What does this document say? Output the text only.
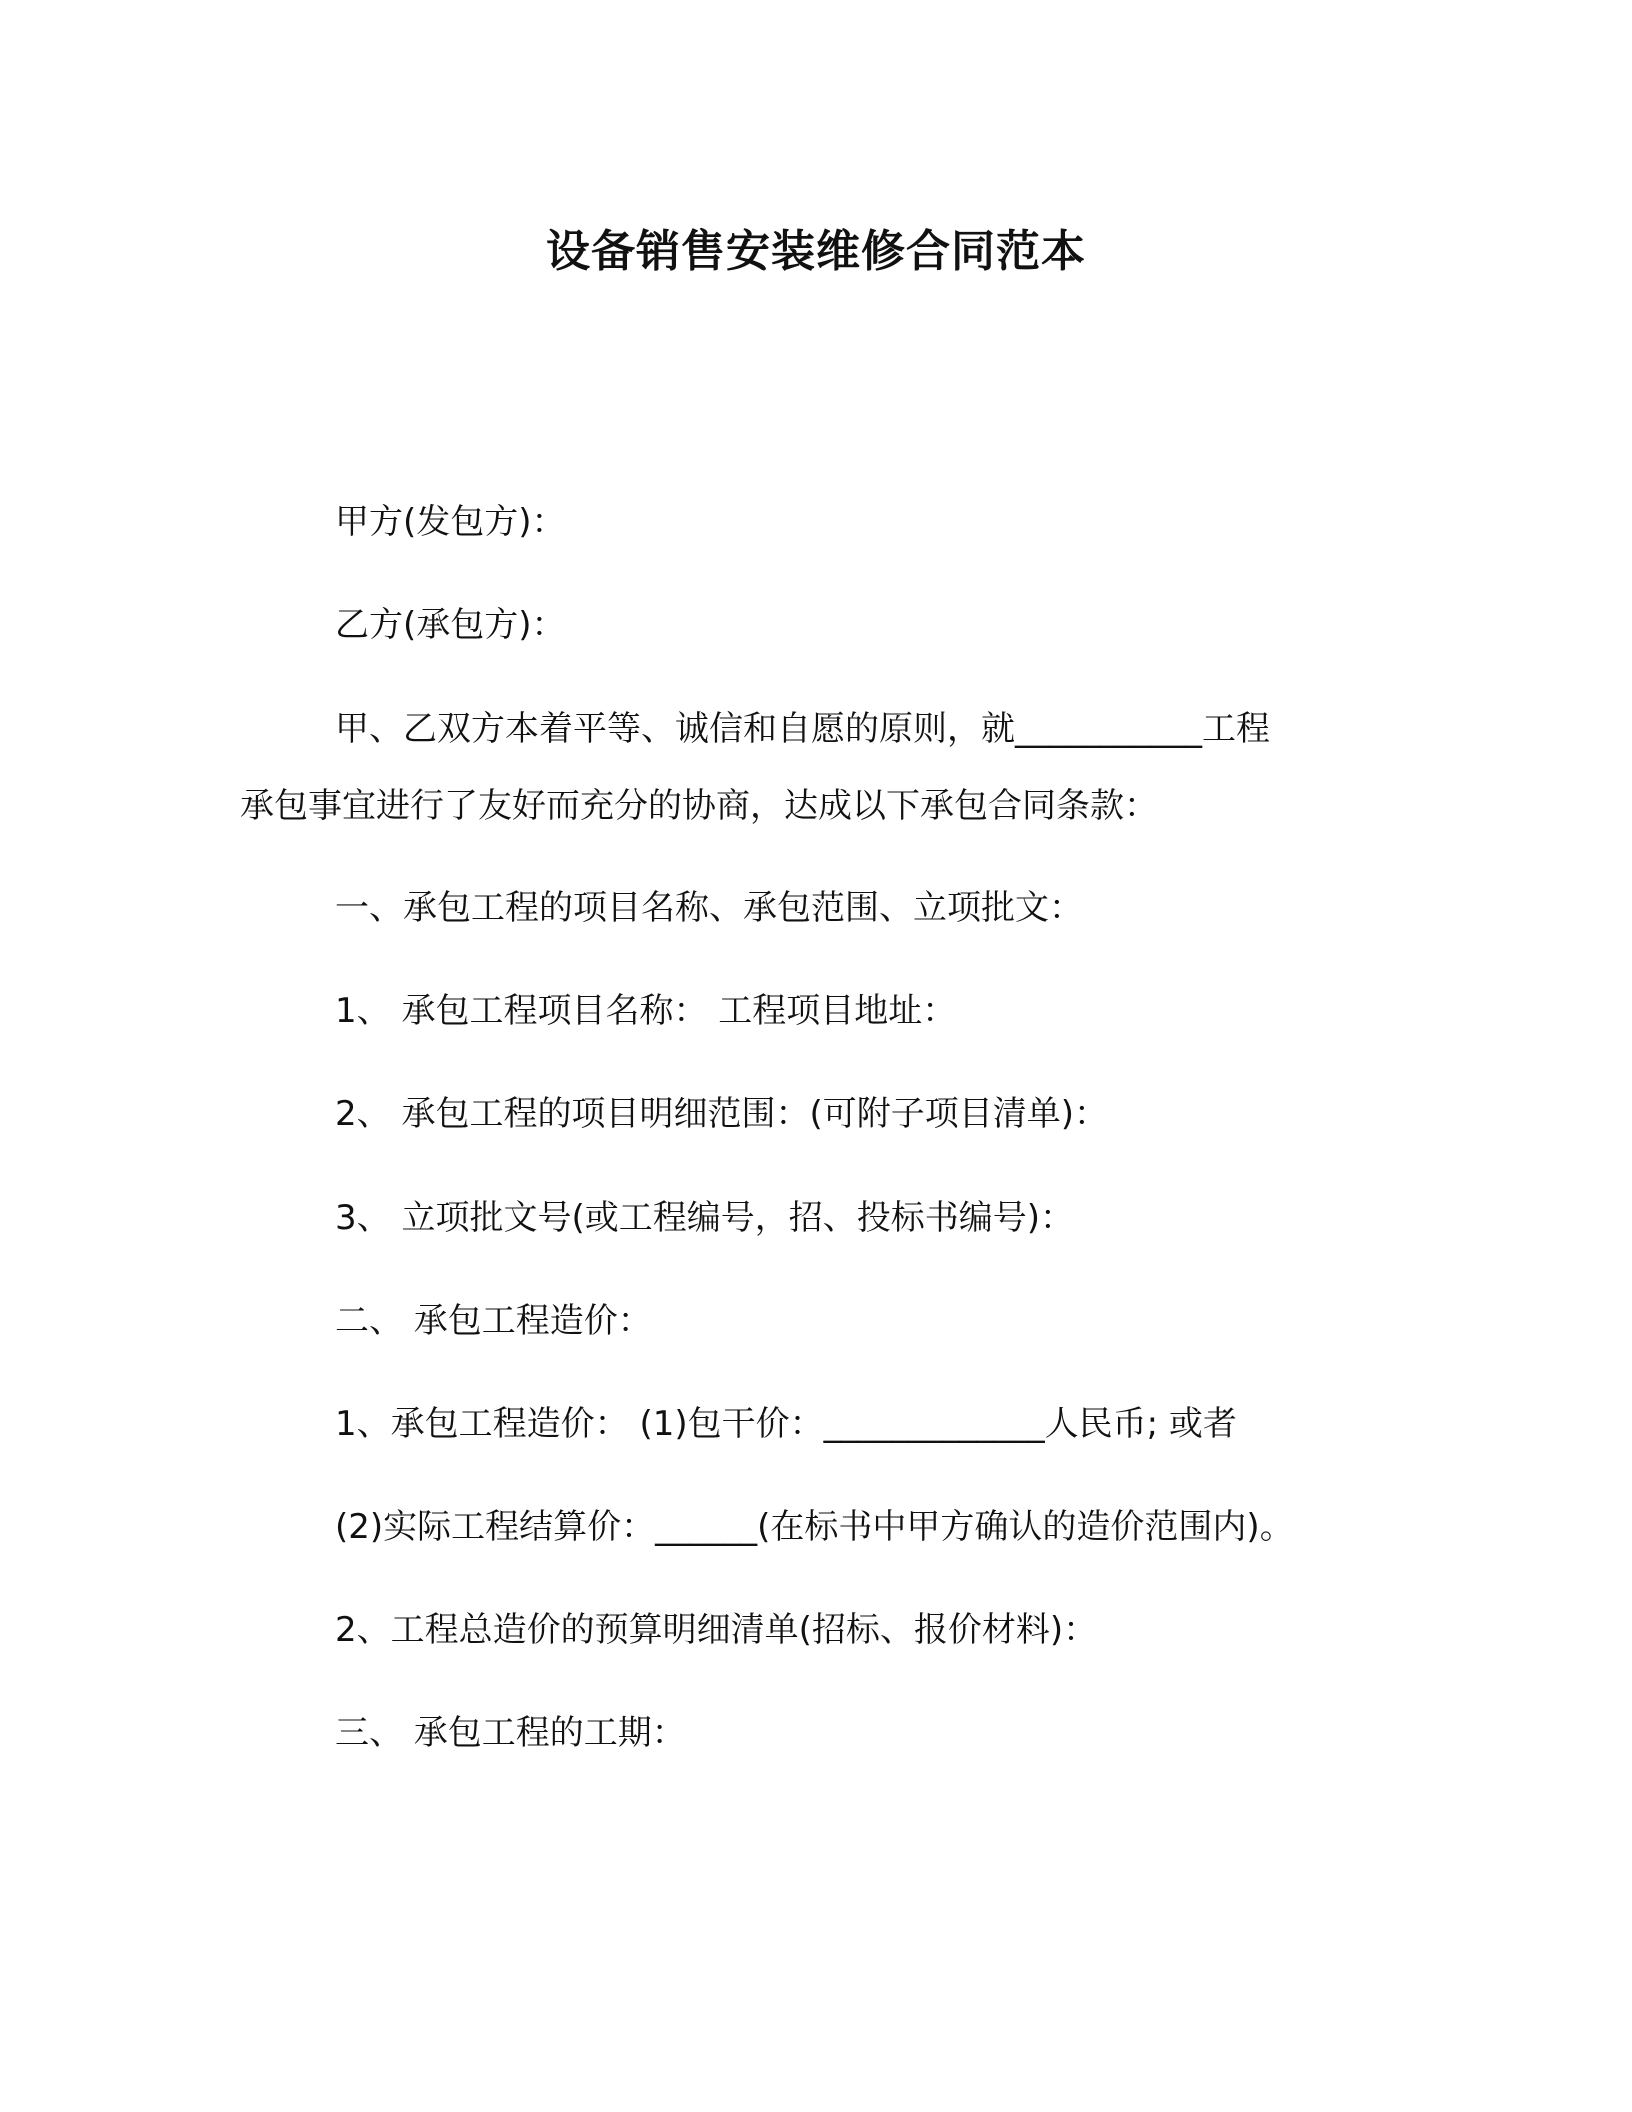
设备销售安装维修合同范本
甲方(发包方)：
乙方(承包方)：
甲、乙双方本着平等、诚信和自愿的原则，就___________工程
承包事宜进行了友好而充分的协商，达成以下承包合同条款：
一、承包工程的项目名称、承包范围、立项批文：
1、 承包工程项目名称： 工程项目地址：
2、 承包工程的项目明细范围：(可附子项目清单)：
3、 立项批文号(或工程编号，招、投标书编号)：
二、 承包工程造价：
1、承包工程造价： (1)包干价：_____________人民币; 或者
(2)实际工程结算价：______(在标书中甲方确认的造价范围内)。
2、工程总造价的预算明细清单(招标、报价材料)：
三、 承包工程的工期：
